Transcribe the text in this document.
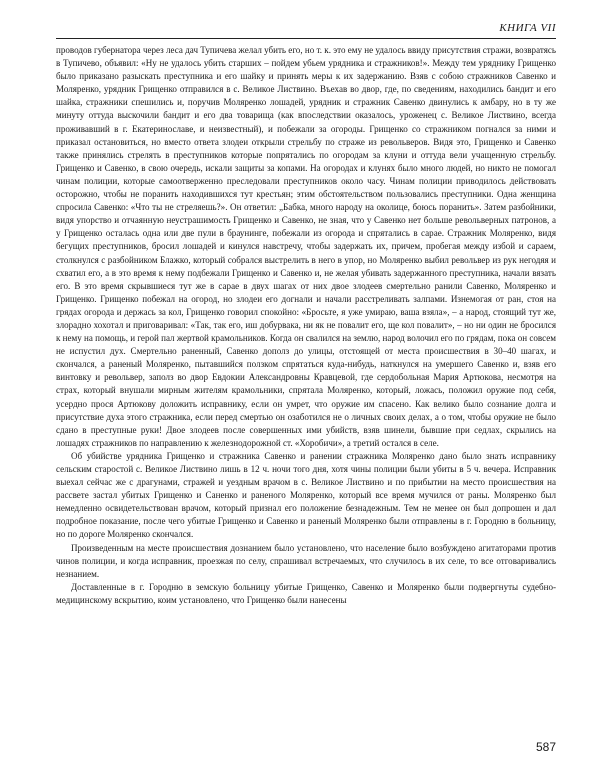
КНИГА VII

проводов губернатора через леса дач Тупичева желал убить его, но т. к. это ему не удалось ввиду присутствия стражи, возвратясь в Тупичево, объявил: «Ну не удалось убить старших – пойдем убьем урядника и стражников!». Между тем уряднику Грищенко было приказано разыскать преступника и его шайку и принять меры к их задержанию. Взяв с собою стражников Савенко и Моляренко, урядник Грищенко отправился в с. Великое Листвино. Въехав во двор, где, по сведениям, находились бандит и его шайка, стражники спешились и, поручив Моляренко лошадей, урядник и стражник Савенко двинулись к амбару, но в ту же минуту оттуда выскочили бандит и его два товарища (как впоследствии оказалось, уроженец с. Великое Листвино, всегда проживавший в г. Екатеринославе, и неизвестный), и побежали за огороды. Грищенко со стражником погнался за ними и приказал остановиться, но вместо ответа злодеи открыли стрельбу по страже из револьверов. Видя это, Грищенко и Савенко также принялись стрелять в преступников которые попрятались по огородам за клуни и оттуда вели учащенную стрельбу. Грищенко и Савенко, в свою очередь, искали защиты за копами. На огородах и клунях было много людей, но никто не помогал чинам полиции, которые самоотверженно преследовали преступников около часу. Чинам полиции приводилось действовать осторожно, чтобы не поранить находившихся тут крестьян; этим обстоятельством пользовались преступники. Одна женщина спросила Савенко: «Что ты не стреляешь?». Он ответил: „Бабка, много народу на околице, боюсь поранить». Затем разбойники, видя упорство и отчаянную неустрашимость Грищенко и Савенко, не зная, что у Савенко нет больше револьверных патронов, а у Грищенко осталась одна или две пули в браунинге, побежали из огорода и спрятались в сарае. Стражник Моляренко, видя бегущих преступников, бросил лошадей и кинулся навстречу, чтобы задержать их, причем, пробегая между избой и сараем, столкнулся с разбойником Блажко, который собрался выстрелить в него в упор, но Моляренко выбил револьвер из рук негодяя и схватил его, а в это время к нему подбежали Грищенко и Савенко и, не желая убивать задержанного преступника, начали вязать его. В это время скрывшиеся тут же в сарае в двух шагах от них двое злодеев смертельно ранили Савенко, Моляренко и Грищенко. Грищенко побежал на огород, но злодеи его догнали и начали расстреливать залпами. Изнемогая от ран, стоя на грядах огорода и держась за кол, Грищенко говорил спокойно: «Бросьте, я уже умираю, ваша взяла», – а народ, стоящий тут же, злорадно хохотал и приговаривал: «Так, так его, иш добурвака, ни як не повалит его, ще кол повалит», – но ни один не бросился к нему на помощь, и герой пал жертвой крамольников. Когда он свалился на землю, народ волочил его по грядам, пока он совсем не испустил дух. Смертельно раненный, Савенко дополз до улицы, отстоящей от места происшествия в 30–40 шагах, и скончался, а раненый Моляренко, пытавшийся ползком спрятаться куда-нибудь, наткнулся на умершего Савенко и, взяв его винтовку и револьвер, заполз во двор Евдокии Александровны Кравцевой, где сердобольная Мария Артюкова, несмотря на страх, который внушали мирным жителям крамольники, спрятала Моляренко, который, ложась, положил оружие под себя, усердно прося Артюкову доложить исправнику, если он умрет, что оружие им спасено. Как велико было сознание долга и присутствие духа этого стражника, если перед смертью он озаботился не о личных своих делах, а о том, чтобы оружие не было сдано в преступные руки! Двое злодеев после совершенных ими убийств, взяв шинели, бывшие при седлах, скрылись на лошадях стражников по направлению к железнодорожной ст. «Хоробичи», а третий остался в селе.

Об убийстве урядника Грищенко и стражника Савенко и ранении стражника Моляренко дано было знать исправнику сельским старостой с. Великое Листвино лишь в 12 ч. ночи того дня, хотя чины полиции были убиты в 5 ч. вечера. Исправник выехал сейчас же с драгунами, стражей и уездным врачом в с. Великое Листвино и по прибытии на место происшествия на рассвете застал убитых Грищенко и Саненко и раненого Моляренко, который все время мучился от раны. Моляренко был немедленно освидетельствован врачом, который признал его положение безнадежным. Тем не менее он был допрошен и дал подробное показание, после чего убитые Грищенко и Савенко и раненый Моляренко были отправлены в г. Городню в больницу, но по дороге Моляренко скончался.

Произведенным на месте происшествия дознанием было установлено, что население было возбуждено агитаторами против чинов полиции, и когда исправник, проезжая по селу, спрашивал встречаемых, что случилось в их селе, то все отговаривались незнанием.

Доставленные в г. Городню в земскую больницу убитые Грищенко, Савенко и Моляренко были подвергнуты судебно-медицинскому вскрытию, коим установлено, что Грищенко были нанесены

587
